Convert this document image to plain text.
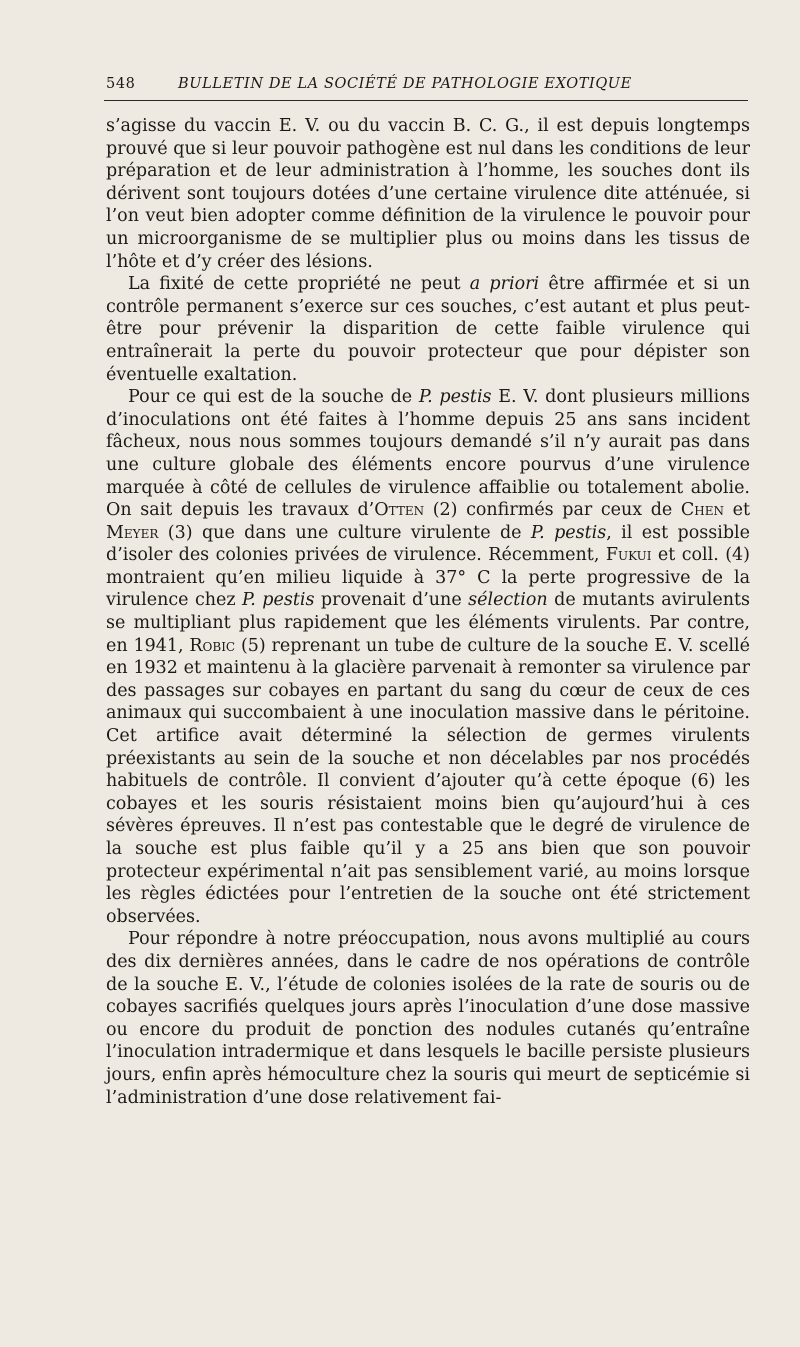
548	BULLETIN DE LA SOCIÉTÉ DE PATHOLOGIE EXOTIQUE

s’agisse du vaccin E. V. ou du vaccin B. C. G., il est depuis longtemps prouvé que si leur pouvoir pathogène est nul dans les conditions de leur préparation et de leur administration à l’homme, les souches dont ils dérivent sont toujours dotées d’une certaine virulence dite atténuée, si l’on veut bien adopter comme définition de la virulence le pouvoir pour un microorganisme de se multiplier plus ou moins dans les tissus de l’hôte et d’y créer des lésions.

La fixité de cette propriété ne peut a priori être affirmée et si un contrôle permanent s’exerce sur ces souches, c’est autant et plus peut-être pour prévenir la disparition de cette faible virulence qui entraînerait la perte du pouvoir protecteur que pour dépister son éventuelle exaltation.

Pour ce qui est de la souche de P. pestis E. V. dont plusieurs millions d’inoculations ont été faites à l’homme depuis 25 ans sans incident fâcheux, nous nous sommes toujours demandé s’il n’y aurait pas dans une culture globale des éléments encore pourvus d’une virulence marquée à côté de cellules de virulence affaiblie ou totalement abolie. On sait depuis les travaux d’Otten (2) confirmés par ceux de Chen et Meyer (3) que dans une culture virulente de P. pestis, il est possible d’isoler des colonies privées de virulence. Récemment, Fukui et coll. (4) montraient qu’en milieu liquide à 37° C la perte progressive de la virulence chez P. pestis provenait d’une sélection de mutants avirulents se multipliant plus rapidement que les éléments virulents. Par contre, en 1941, Robic (5) reprenant un tube de culture de la souche E. V. scellé en 1932 et maintenu à la glacière parvenait à remonter sa virulence par des passages sur cobayes en partant du sang du cœur de ceux de ces animaux qui succombaient à une inoculation massive dans le péritoine. Cet artifice avait déterminé la sélection de germes virulents préexistants au sein de la souche et non décelables par nos procédés habituels de contrôle. Il convient d’ajouter qu’à cette époque (6) les cobayes et les souris résistaient moins bien qu’aujourd’hui à ces sévères épreuves. Il n’est pas contestable que le degré de virulence de la souche est plus faible qu’il y a 25 ans bien que son pouvoir protecteur expérimental n’ait pas sensiblement varié, au moins lorsque les règles édictées pour l’entretien de la souche ont été strictement observées.

Pour répondre à notre préoccupation, nous avons multiplié au cours des dix dernières années, dans le cadre de nos opérations de contrôle de la souche E. V., l’étude de colonies isolées de la rate de souris ou de cobayes sacrifiés quelques jours après l’inoculation d’une dose massive ou encore du produit de ponction des nodules cutanés qu’entraîne l’inoculation intradermique et dans lesquels le bacille persiste plusieurs jours, enfin après hémoculture chez la souris qui meurt de septicémie si l’administration d’une dose relativement fai-
